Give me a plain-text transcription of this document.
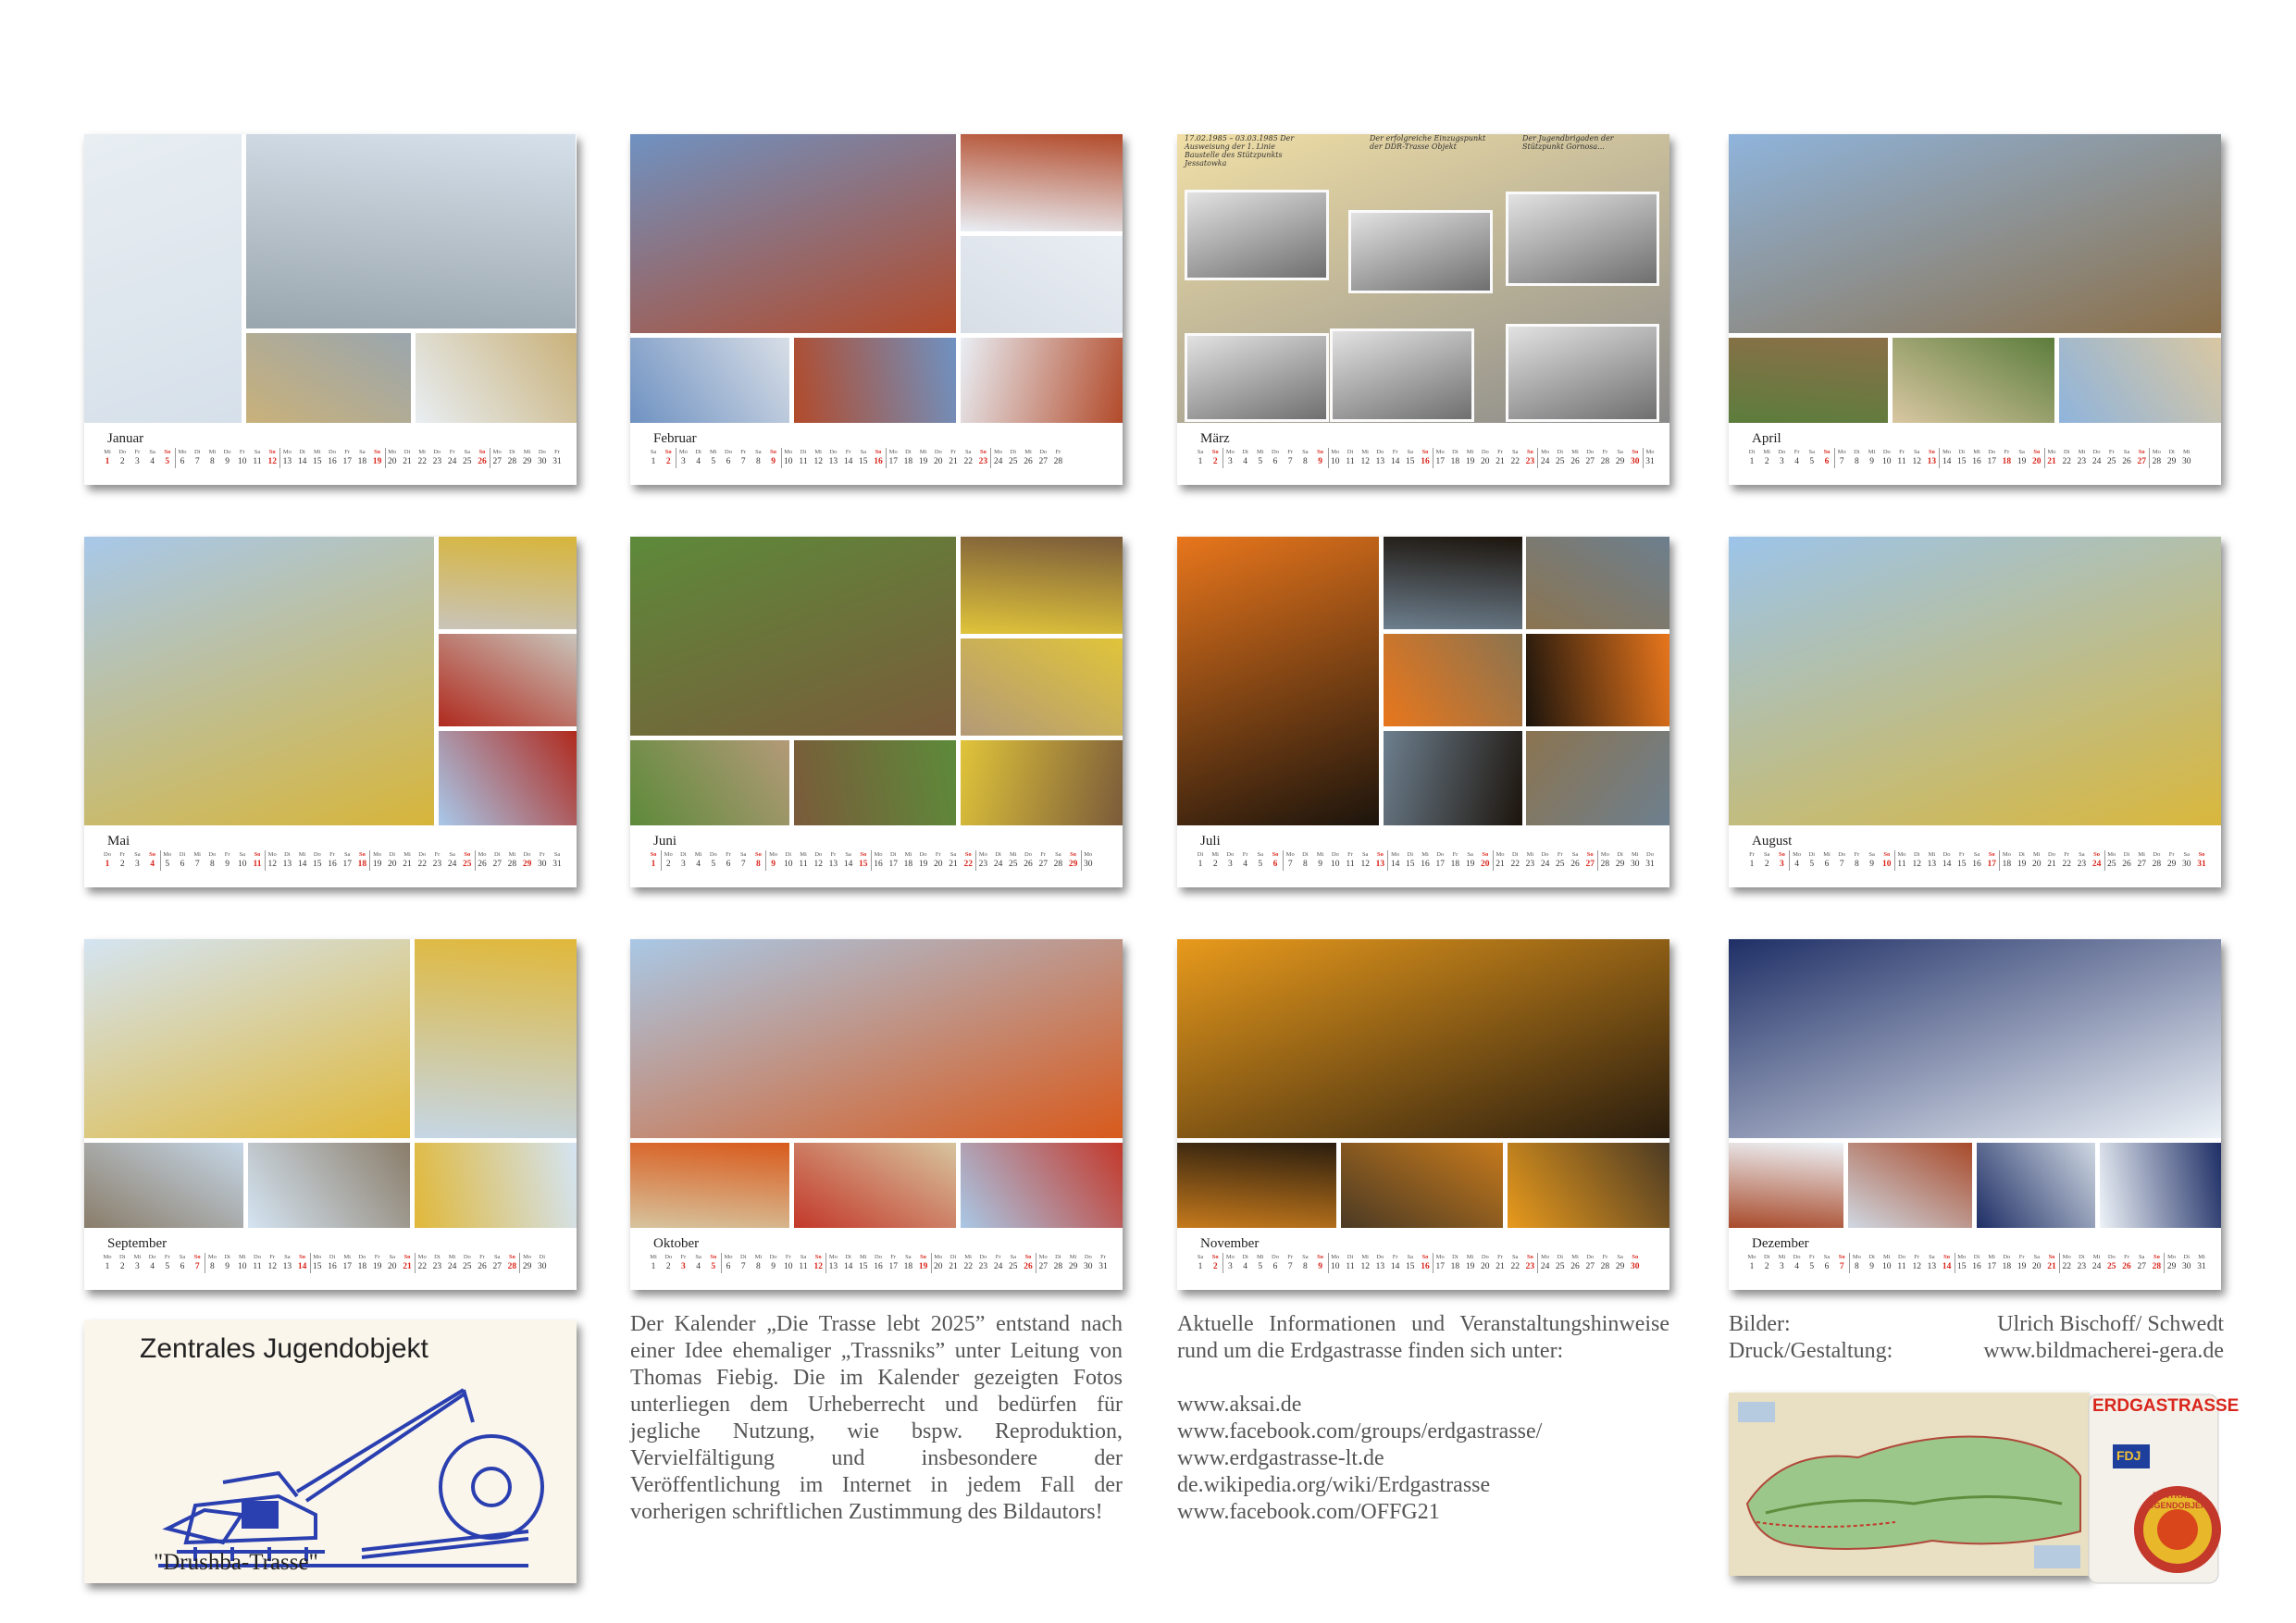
Januar
Mi
1
Do
2
Fr
3
Sa
4
So
5
Mo
6
Di
7
Mi
8
Do
9
Fr
10
Sa
11
So
12
Mo
13
Di
14
Mi
15
Do
16
Fr
17
Sa
18
So
19
Mo
20
Di
21
Mi
22
Do
23
Fr
24
Sa
25
So
26
Mo
27
Di
28
Mi
29
Do
30
Fr
31
Februar
Sa
1
So
2
Mo
3
Di
4
Mi
5
Do
6
Fr
7
Sa
8
So
9
Mo
10
Di
11
Mi
12
Do
13
Fr
14
Sa
15
So
16
Mo
17
Di
18
Mi
19
Do
20
Fr
21
Sa
22
So
23
Mo
24
Di
25
Mi
26
Do
27
Fr
28
März
Sa
1
So
2
Mo
3
Di
4
Mi
5
Do
6
Fr
7
Sa
8
So
9
Mo
10
Di
11
Mi
12
Do
13
Fr
14
Sa
15
So
16
Mo
17
Di
18
Mi
19
Do
20
Fr
21
Sa
22
So
23
Mo
24
Di
25
Mi
26
Do
27
Fr
28
Sa
29
So
30
Mo
31
April
Di
1
Mi
2
Do
3
Fr
4
Sa
5
So
6
Mo
7
Di
8
Mi
9
Do
10
Fr
11
Sa
12
So
13
Mo
14
Di
15
Mi
16
Do
17
Fr
18
Sa
19
So
20
Mo
21
Di
22
Mi
23
Do
24
Fr
25
Sa
26
So
27
Mo
28
Di
29
Mi
30
Mai
Do
1
Fr
2
Sa
3
So
4
Mo
5
Di
6
Mi
7
Do
8
Fr
9
Sa
10
So
11
Mo
12
Di
13
Mi
14
Do
15
Fr
16
Sa
17
So
18
Mo
19
Di
20
Mi
21
Do
22
Fr
23
Sa
24
So
25
Mo
26
Di
27
Mi
28
Do
29
Fr
30
Sa
31
Juni
So
1
Mo
2
Di
3
Mi
4
Do
5
Fr
6
Sa
7
So
8
Mo
9
Di
10
Mi
11
Do
12
Fr
13
Sa
14
So
15
Mo
16
Di
17
Mi
18
Do
19
Fr
20
Sa
21
So
22
Mo
23
Di
24
Mi
25
Do
26
Fr
27
Sa
28
So
29
Mo
30
Juli
Di
1
Mi
2
Do
3
Fr
4
Sa
5
So
6
Mo
7
Di
8
Mi
9
Do
10
Fr
11
Sa
12
So
13
Mo
14
Di
15
Mi
16
Do
17
Fr
18
Sa
19
So
20
Mo
21
Di
22
Mi
23
Do
24
Fr
25
Sa
26
So
27
Mo
28
Di
29
Mi
30
Do
31
August
Fr
1
Sa
2
So
3
Mo
4
Di
5
Mi
6
Do
7
Fr
8
Sa
9
So
10
Mo
11
Di
12
Mi
13
Do
14
Fr
15
Sa
16
So
17
Mo
18
Di
19
Mi
20
Do
21
Fr
22
Sa
23
So
24
Mo
25
Di
26
Mi
27
Do
28
Fr
29
Sa
30
So
31
September
Mo
1
Di
2
Mi
3
Do
4
Fr
5
Sa
6
So
7
Mo
8
Di
9
Mi
10
Do
11
Fr
12
Sa
13
So
14
Mo
15
Di
16
Mi
17
Do
18
Fr
19
Sa
20
So
21
Mo
22
Di
23
Mi
24
Do
25
Fr
26
Sa
27
So
28
Mo
29
Di
30
Oktober
Mi
1
Do
2
Fr
3
Sa
4
So
5
Mo
6
Di
7
Mi
8
Do
9
Fr
10
Sa
11
So
12
Mo
13
Di
14
Mi
15
Do
16
Fr
17
Sa
18
So
19
Mo
20
Di
21
Mi
22
Do
23
Fr
24
Sa
25
So
26
Mo
27
Di
28
Mi
29
Do
30
Fr
31
November
Sa
1
So
2
Mo
3
Di
4
Mi
5
Do
6
Fr
7
Sa
8
So
9
Mo
10
Di
11
Mi
12
Do
13
Fr
14
Sa
15
So
16
Mo
17
Di
18
Mi
19
Do
20
Fr
21
Sa
22
So
23
Mo
24
Di
25
Mi
26
Do
27
Fr
28
Sa
29
So
30
Dezember
Mo
1
Di
2
Mi
3
Do
4
Fr
5
Sa
6
So
7
Mo
8
Di
9
Mi
10
Do
11
Fr
12
Sa
13
So
14
Mo
15
Di
16
Mi
17
Do
18
Fr
19
Sa
20
So
21
Mo
22
Di
23
Mi
24
Do
25
Fr
26
Sa
27
So
28
Mo
29
Di
30
Mi
31
17.02.1985 – 03.03.1985 Der Ausweisung der 1. Linie Baustelle des Stützpunkts Jessatowka
Der erfolgreiche Einzugspunkt der DDR-Trasse Objekt
Der Jugendbrigaden der Stützpunkt Gornosa...
Zentrales Jugendobjekt
"Drushba-Trasse"
Der Kalender „Die Trasse lebt 2025” entstand nach einer Idee ehemaliger „Trassniks” unter Leitung von Thomas Fiebig. Die im Kalender gezeigten Fotos unterliegen dem Urheberrecht und bedürfen für jegliche Nutzung, wie bspw. Reproduktion, Vervielfältigung und insbesondere der Veröffentlichung im Internet in jedem Fall der vorherigen schriftlichen Zustimmung des Bildautors!
Aktuelle Informationen und Veranstaltungshinweise rund um die Erdgastrasse finden sich unter:
www.aksai.de
www.facebook.com/groups/erdgastrasse/
www.erdgastrasse-lt.de
de.wikipedia.org/wiki/Erdgastrasse
www.facebook.com/OFFG21
Bilder:	Ulrich Bischoff/ Schwedt
Druck/Gestaltung:	www.bildmacherei-gera.de
ERDGASTRASSE
FDJ
ZENTRALES JUGENDOBJEKT
